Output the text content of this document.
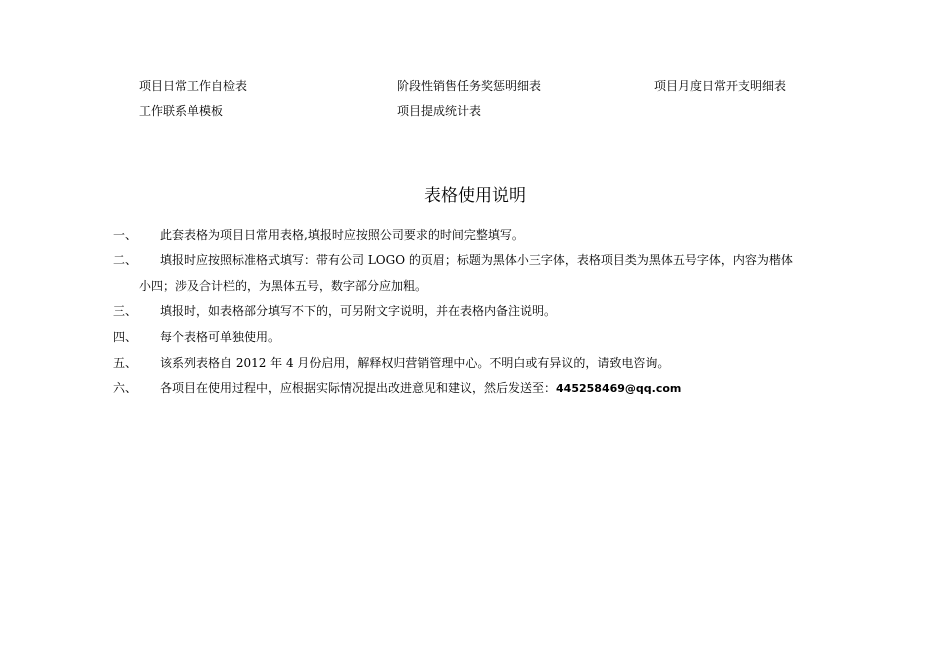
项目日常工作自检表
工作联系单模板
阶段性销售任务奖惩明细表
项目提成统计表
项目月度日常开支明细表
表格使用说明
一、 此套表格为项目日常用表格,填报时应按照公司要求的时间完整填写。
二、 填报时应按照标准格式填写：带有公司 LOGO 的页眉；标题为黑体小三字体，表格项目类为黑体五号字体，内容为楷体
小四；涉及合计栏的，为黑体五号，数字部分应加粗。
三、 填报时，如表格部分填写不下的，可另附文字说明，并在表格内备注说明。
四、 每个表格可单独使用。
五、 该系列表格自 2012 年 4 月份启用，解释权归营销管理中心。不明白或有异议的，请致电咨询。
六、 各项目在使用过程中，应根据实际情况提出改进意见和建议，然后发送至：445258469@qq.com
